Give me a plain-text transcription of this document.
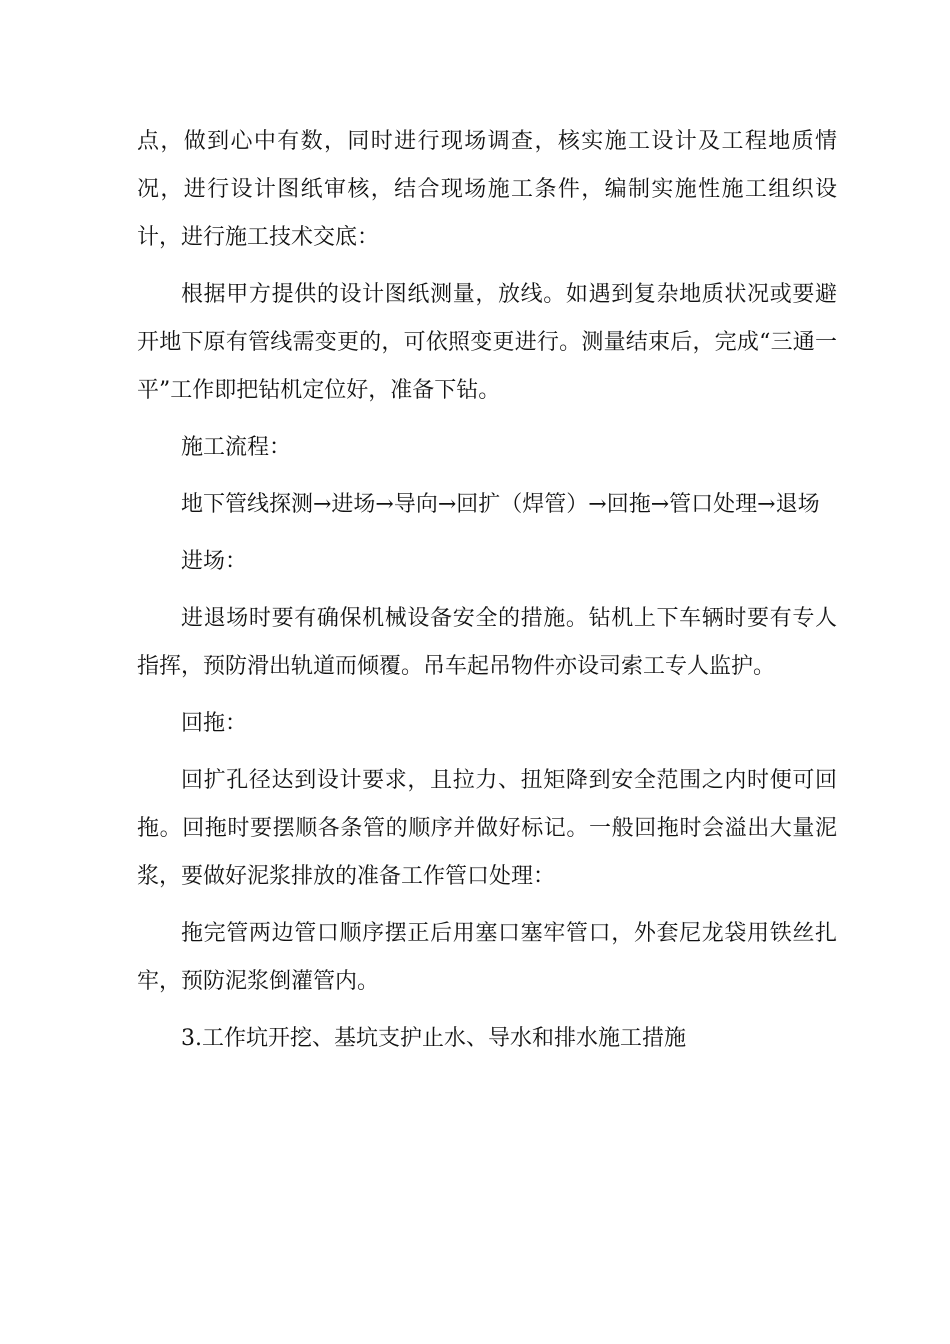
点，做到心中有数，同时进行现场调查，核实施工设计及工程地质情况，进行设计图纸审核，结合现场施工条件，编制实施性施工组织设计，进行施工技术交底：

根据甲方提供的设计图纸测量，放线。如遇到复杂地质状况或要避开地下原有管线需变更的，可依照变更进行。测量结束后，完成“三通一平”工作即把钻机定位好，准备下钻。

施工流程：

地下管线探测→进场→导向→回扩（焊管）→回拖→管口处理→退场

进场：

进退场时要有确保机械设备安全的措施。钻机上下车辆时要有专人指挥，预防滑出轨道而倾覆。吊车起吊物件亦设司索工专人监护。

回拖：

回扩孔径达到设计要求，且拉力、扭矩降到安全范围之内时便可回拖。回拖时要摆顺各条管的顺序并做好标记。一般回拖时会溢出大量泥浆，要做好泥浆排放的准备工作管口处理：

拖完管两边管口顺序摆正后用塞口塞牢管口，外套尼龙袋用铁丝扎牢，预防泥浆倒灌管内。

3.工作坑开挖、基坑支护止水、导水和排水施工措施
